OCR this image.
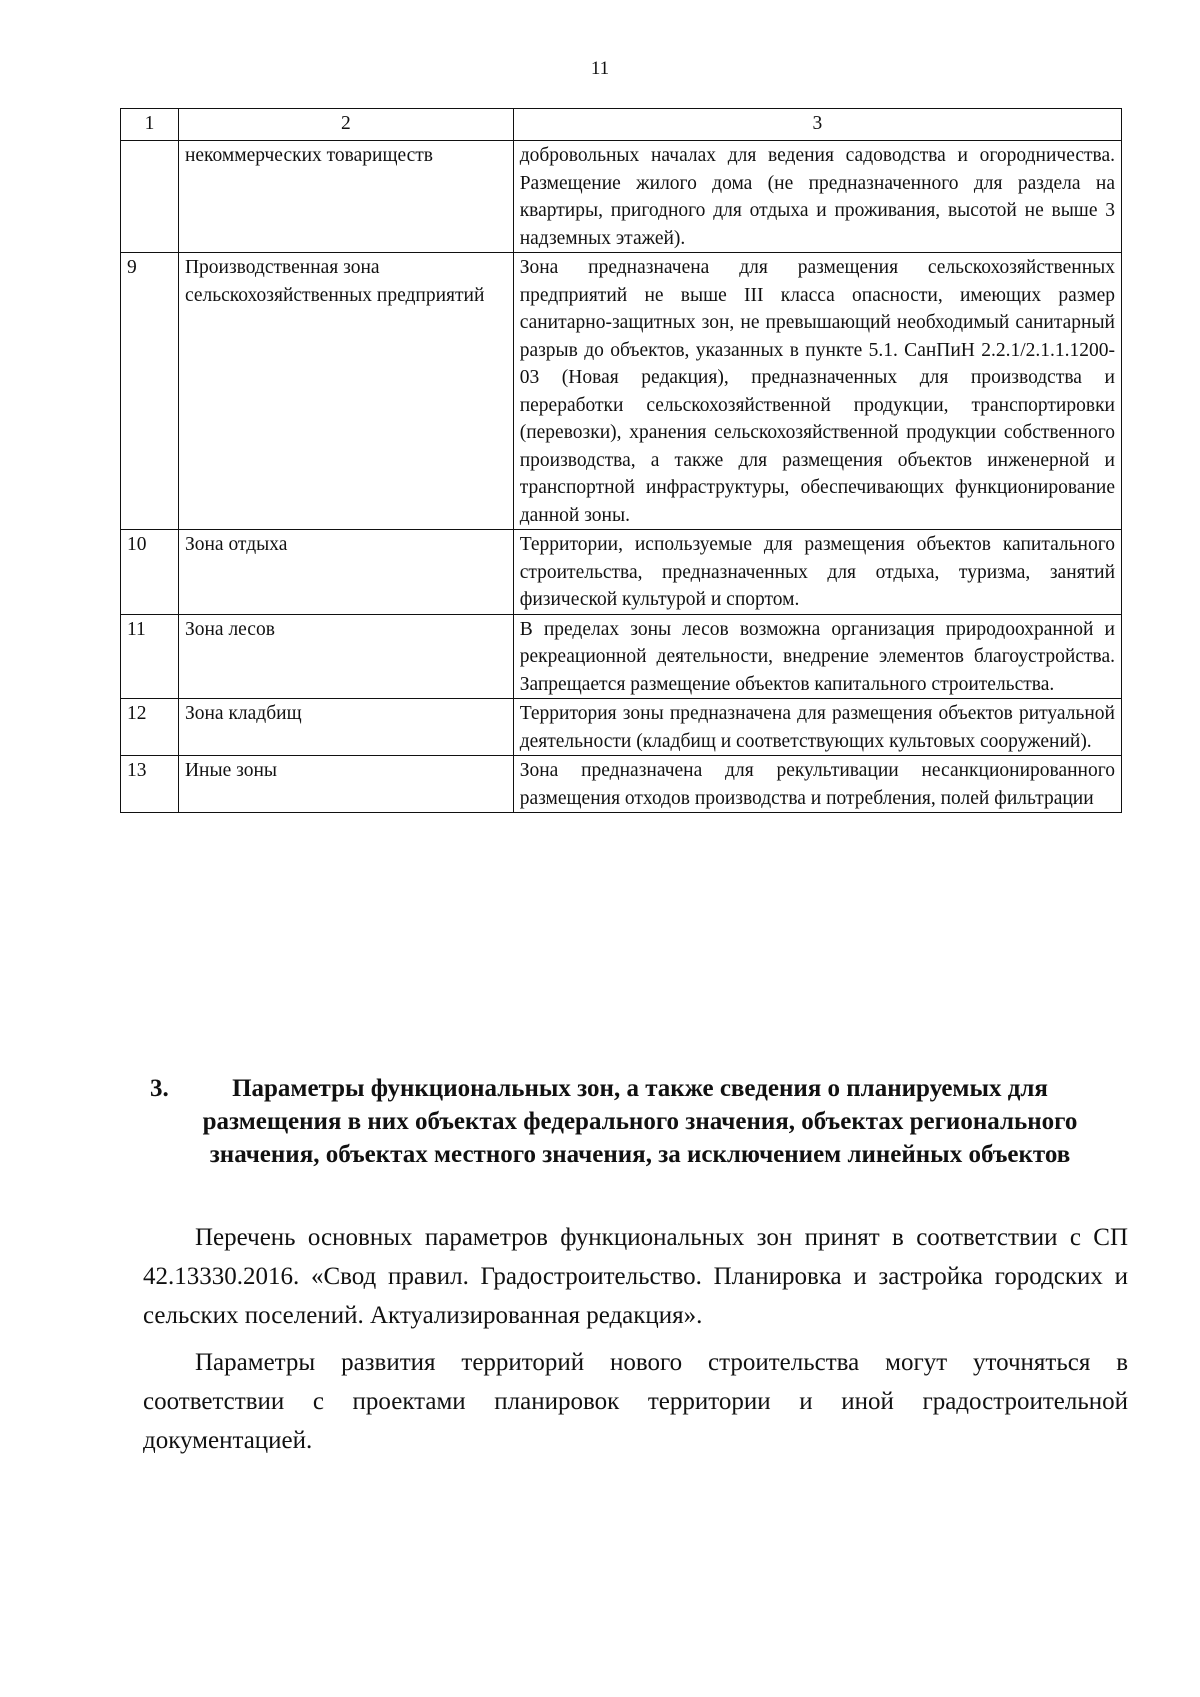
11
1	2	3
	некоммерческих товариществ	добровольных началах для ведения садоводства и огородничества. Размещение жилого дома (не предназначенного для раздела на квартиры, пригодного для отдыха и проживания, высотой не выше 3 надземных этажей).
9	Производственная зона сельскохозяйственных предприятий	Зона предназначена для размещения сельскохозяйственных предприятий не выше III класса опасности, имеющих размер санитарно-защитных зон, не превышающий необходимый санитарный разрыв до объектов, указанных в пункте 5.1. СанПиН 2.2.1/2.1.1.1200-03 (Новая редакция), предназначенных для производства и переработки сельскохозяйственной продукции, транспортировки (перевозки), хранения сельскохозяйственной продукции собственного производства, а также для размещения объектов инженерной и транспортной инфраструктуры, обеспечивающих функционирование данной зоны.
10	Зона отдыха	Территории, используемые для размещения объектов капитального строительства, предназначенных для отдыха, туризма, занятий физической культурой и спортом.
11	Зона лесов	В пределах зоны лесов возможна организация природоохранной и рекреационной деятельности, внедрение элементов благоустройства. Запрещается размещение объектов капитального строительства.
12	Зона кладбищ	Территория зоны предназначена для размещения объектов ритуальной деятельности (кладбищ и соответствующих культовых сооружений).
13	Иные зоны	Зона предназначена для рекультивации несанкционированного размещения отходов производства и потребления, полей фильтрации
3.	Параметры функциональных зон, а также сведения о планируемых для размещения в них объектах федерального значения, объектах регионального значения, объектах местного значения, за исключением линейных объектов

Перечень основных параметров функциональных зон принят в соответствии с СП 42.13330.2016. «Свод правил. Градостроительство. Планировка и застройка городских и сельских поселений. Актуализированная редакция».

Параметры развития территорий нового строительства могут уточняться в соответствии с проектами планировок территории и иной градостроительной документацией.
